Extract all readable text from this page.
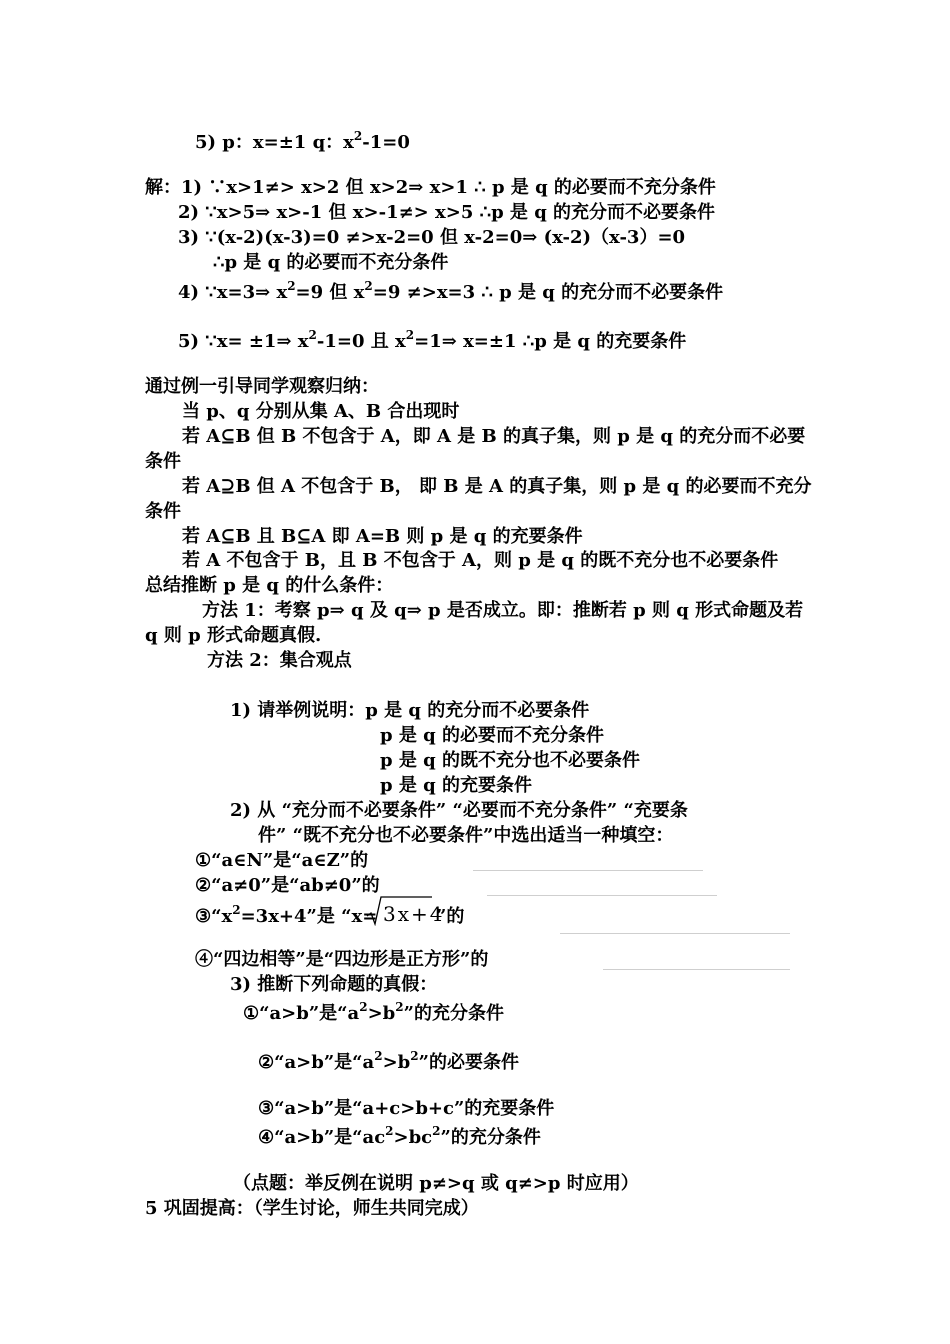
5) p：x=±1 q：$x^2-1=0$
解：1) ∵x>1≠> x>2 但 x>2⇒ x>1 ∴ p 是 q 的必要而不充分条件
2) ∵x>5⇒ x>-1 但 x>-1≠> x>5 ∴p 是 q 的充分而不必要条件
3) ∵(x-2)(x-3)=0 ≠>x-2=0 但 x-2=0⇒ (x-2)（x-3）=0
∴p 是 q 的必要而不充分条件
4) ∵x=3⇒ $x^2=9$ 但 $x^2=9 \ne>x=3$ ∴ p 是 q 的充分而不必要条件
5) ∵x= ±1⇒ $x^2-1=0$ 且 $x^2=1\Rightarrow$ x=±1 ∴p 是 q 的充要条件
通过例一引导同学观察归纳：
当 p、q 分别从集 A、B 合出现时
若 A⊆B 但 B 不包含于 A，即 A 是 B 的真子集，则 p 是 q 的充分而不必要
条件
若 A⊇B 但 A 不包含于 B， 即 B 是 A 的真子集，则 p 是 q 的必要而不充分
条件
若 A⊆B 且 B⊆A 即 A=B 则 p 是 q 的充要条件
若 A 不包含于 B，且 B 不包含于 A，则 p 是 q 的既不充分也不必要条件
总结推断 p 是 q 的什么条件：
方法 1：考察 p⇒ q 及 q⇒ p 是否成立。即：推断若 p 则 q 形式命题及若
q 则 p 形式命题真假.
方法 2：集合观点
1) 请举例说明：p 是 q 的充分而不必要条件
p 是 q 的必要而不充分条件
p 是 q 的既不充分也不必要条件
p 是 q 的充要条件
2) 从 “充分而不必要条件” “必要而不充分条件” “充要条
件” “既不充分也不必要条件”中选出适当一种填空：
①“a∈N”是“a∈Z”的
②“a≠0”是“ab≠0”的
$③“x^2=3x+4$”是 “x= 3x+4
”的
④“四边相等”是“四边形是正方形”的
3) 推断下列命题的真假：
①“a>b”是“$a^2>b^2$”的充分条件
②“a>b”是“$a^2>b^2$”的必要条件
③“a>b”是“a+c>b+c”的充要条件
④“a>b”是“$ac^2>bc^2$”的充分条件
（点题：举反例在说明 p≠>q 或 q≠>p 时应用）
5 巩固提高：（学生讨论，师生共同完成）
